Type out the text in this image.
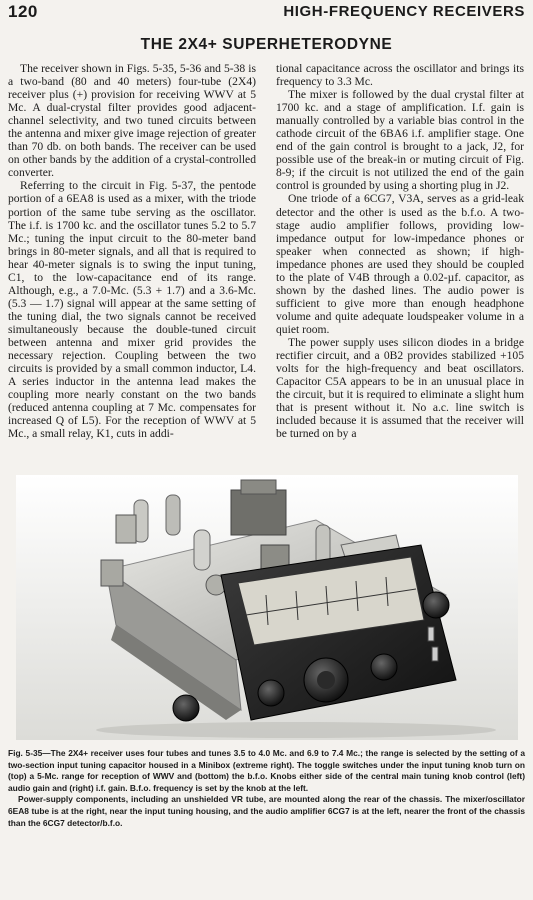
120	HIGH-FREQUENCY RECEIVERS
THE 2X4+ SUPERHETERODYNE

The receiver shown in Figs. 5-35, 5-36 and 5-38 is a two-band (80 and 40 meters) four-tube (2X4) receiver plus (+) provision for receiving WWV at 5 Mc. A dual-crystal filter provides good adjacent-channel selectivity, and two tuned circuits between the antenna and mixer give image rejection of greater than 70 db. on both bands. The receiver can be used on other bands by the addition of a crystal-controlled converter.

Referring to the circuit in Fig. 5-37, the pentode portion of a 6EA8 is used as a mixer, with the triode portion of the same tube serving as the oscillator. The i.f. is 1700 kc. and the oscillator tunes 5.2 to 5.7 Mc.; tuning the input circuit to the 80-meter band brings in 80-meter signals, and all that is required to hear 40-meter signals is to swing the input tuning, C1, to the low-capacitance end of its range. Although, e.g., a 7.0-Mc. (5.3 + 1.7) and a 3.6-Mc. (5.3 — 1.7) signal will appear at the same setting of the tuning dial, the two signals cannot be received simultaneously because the double-tuned circuit between antenna and mixer grid provides the necessary rejection. Coupling between the two circuits is provided by a small common inductor, L4. A series inductor in the antenna lead makes the coupling more nearly constant on the two bands (reduced antenna coupling at 7 Mc. compensates for increased Q of L5). For the reception of WWV at 5 Mc., a small relay, K1, cuts in addi-

tional capacitance across the oscillator and brings its frequency to 3.3 Mc.

The mixer is followed by the dual crystal filter at 1700 kc. and a stage of amplification. I.f. gain is manually controlled by a variable bias control in the cathode circuit of the 6BA6 i.f. amplifier stage. One end of the gain control is brought to a jack, J2, for possible use of the break-in or muting circuit of Fig. 8-9; if the circuit is not utilized the end of the gain control is grounded by using a shorting plug in J2.

One triode of a 6CG7, V3A, serves as a grid-leak detector and the other is used as the b.f.o. A two-stage audio amplifier follows, providing low-impedance output for low-impedance phones or speaker when connected as shown; if high-impedance phones are used they should be coupled to the plate of V4B through a 0.02-µf. capacitor, as shown by the dashed lines. The audio power is sufficient to give more than enough headphone volume and quite adequate loudspeaker volume in a quiet room.

The power supply uses silicon diodes in a bridge rectifier circuit, and a 0B2 provides stabilized +105 volts for the high-frequency and beat oscillators. Capacitor C5A appears to be in an unusual place in the circuit, but it is required to eliminate a slight hum that is present without it. No a.c. line switch is included because it is assumed that the receiver will be turned on by a

Fig. 5-35—The 2X4+ receiver uses four tubes and tunes 3.5 to 4.0 Mc. and 6.9 to 7.4 Mc.; the range is selected by the setting of a two-section input tuning capacitor housed in a Minibox (extreme right). The toggle switches under the input tuning knob turn on (top) a 5-Mc. range for reception of WWV and (bottom) the b.f.o. Knobs either side of the central main tuning knob control (left) audio gain and (right) i.f. gain. B.f.o. frequency is set by the knob at the left.

Power-supply components, including an unshielded VR tube, are mounted along the rear of the chassis. The mixer/oscillator 6EA8 tube is at the right, near the input tuning housing, and the audio amplifier 6CG7 is at the left, nearer the front of the chassis than the 6CG7 detector/b.f.o.
